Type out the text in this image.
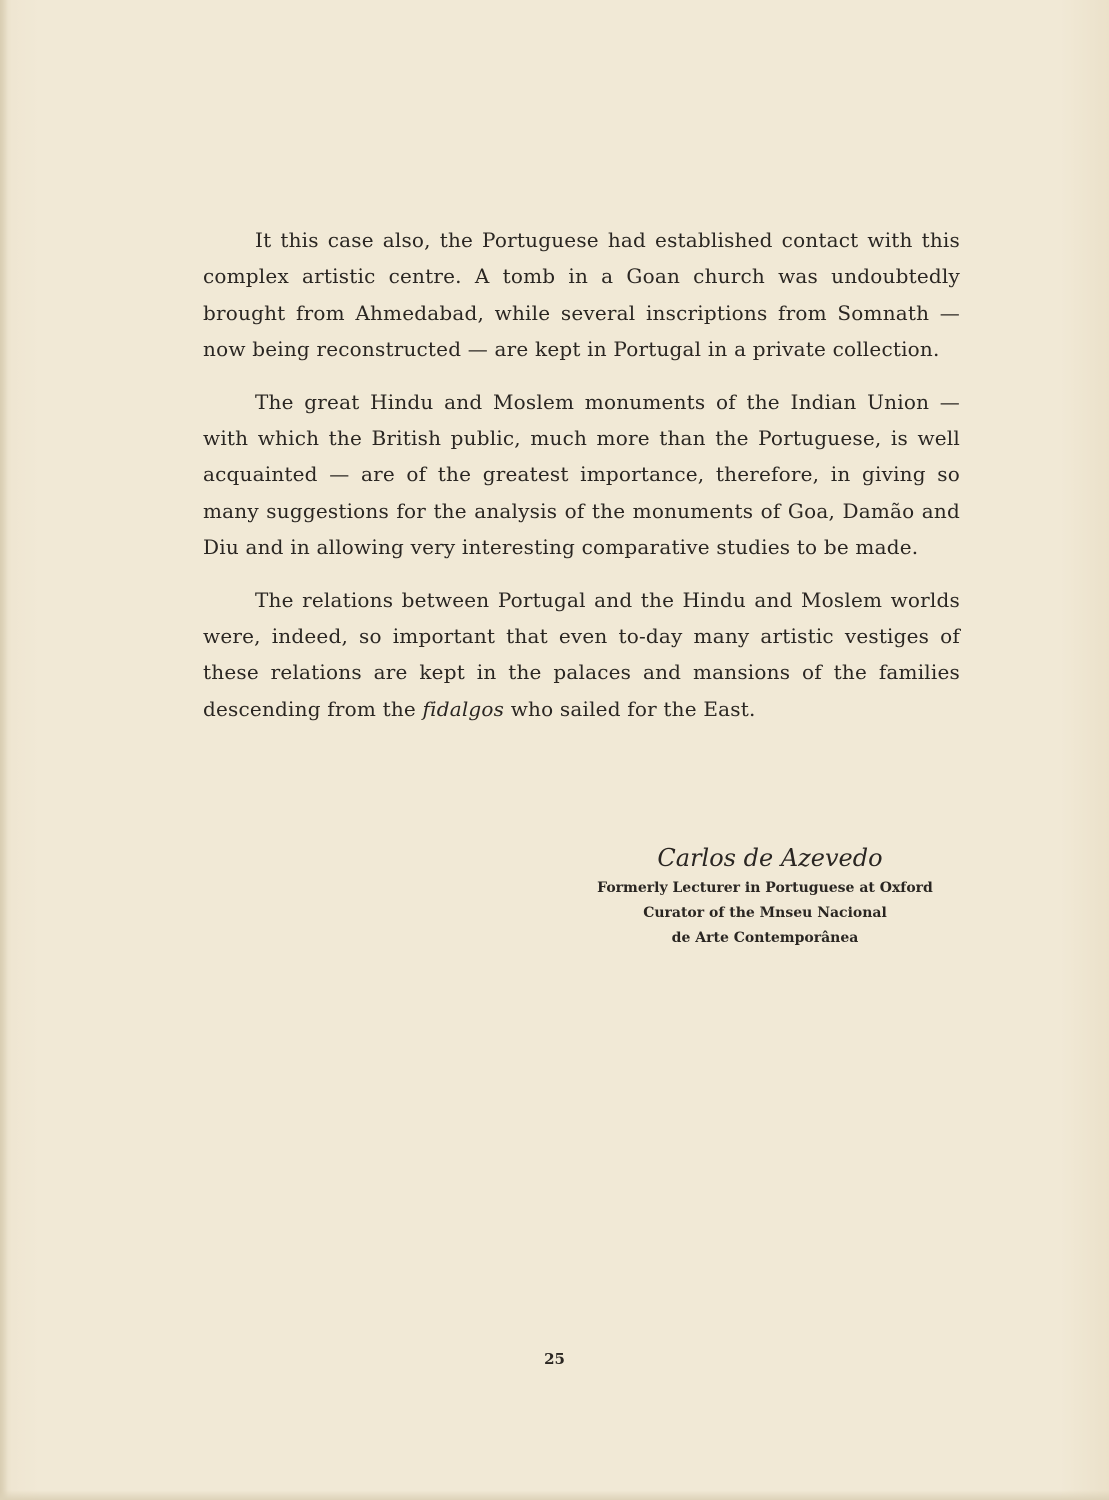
It this case also, the Portuguese had established contact with this complex artistic centre. A tomb in a Goan church was undoubtedly brought from Ahmedabad, while several inscriptions from Somnath — now being reconstructed — are kept in Portugal in a private collection.

The great Hindu and Moslem monuments of the Indian Union — with which the British public, much more than the Portuguese, is well acquainted — are of the greatest importance, therefore, in giving so many suggestions for the analysis of the monuments of Goa, Damão and Diu and in allowing very interesting comparative studies to be made.

The relations between Portugal and the Hindu and Moslem worlds were, indeed, so important that even to-day many artistic vestiges of these relations are kept in the palaces and mansions of the families descending from the fidalgos who sailed for the East.

Carlos de Azevedo
Formerly Lecturer in Portuguese at Oxford
Curator of the Mnseu Nacional
de Arte Contemporânea
25
